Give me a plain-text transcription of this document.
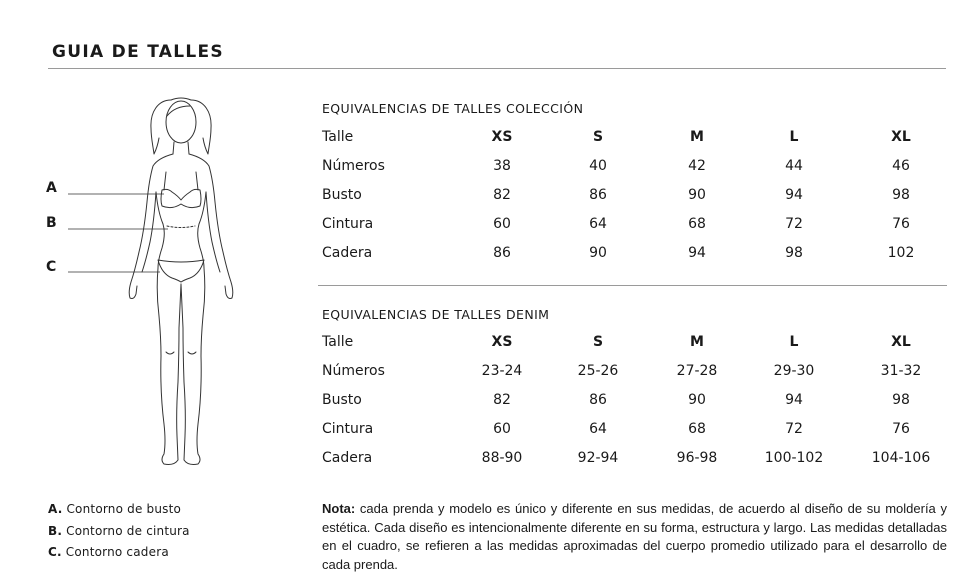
GUIA DE TALLES
A
B
C
EQUIVALENCIAS DE TALLES COLECCIÓN
Talle	XS	S	M	L	XL
Números	38	40	42	44	46
Busto	82	86	90	94	98
Cintura	60	64	68	72	76
Cadera	86	90	94	98	102
EQUIVALENCIAS DE TALLES DENIM
Talle	XS	S	M	L	XL
Números	23-24	25-26	27-28	29-30	31-32
Busto	82	86	90	94	98
Cintura	60	64	68	72	76
Cadera	88-90	92-94	96-98	100-102	104-106
A. Contorno de busto
B. Contorno de cintura
C. Contorno cadera
Nota: cada prenda y modelo es único y diferente en sus medidas, de acuerdo al diseño de su moldería y estética. Cada diseño es intencionalmente diferente en su forma, estructura y largo. Las medidas detalladas en el cuadro, se refieren a las medidas aproximadas del cuerpo promedio utilizado para el desarrollo de cada prenda.
